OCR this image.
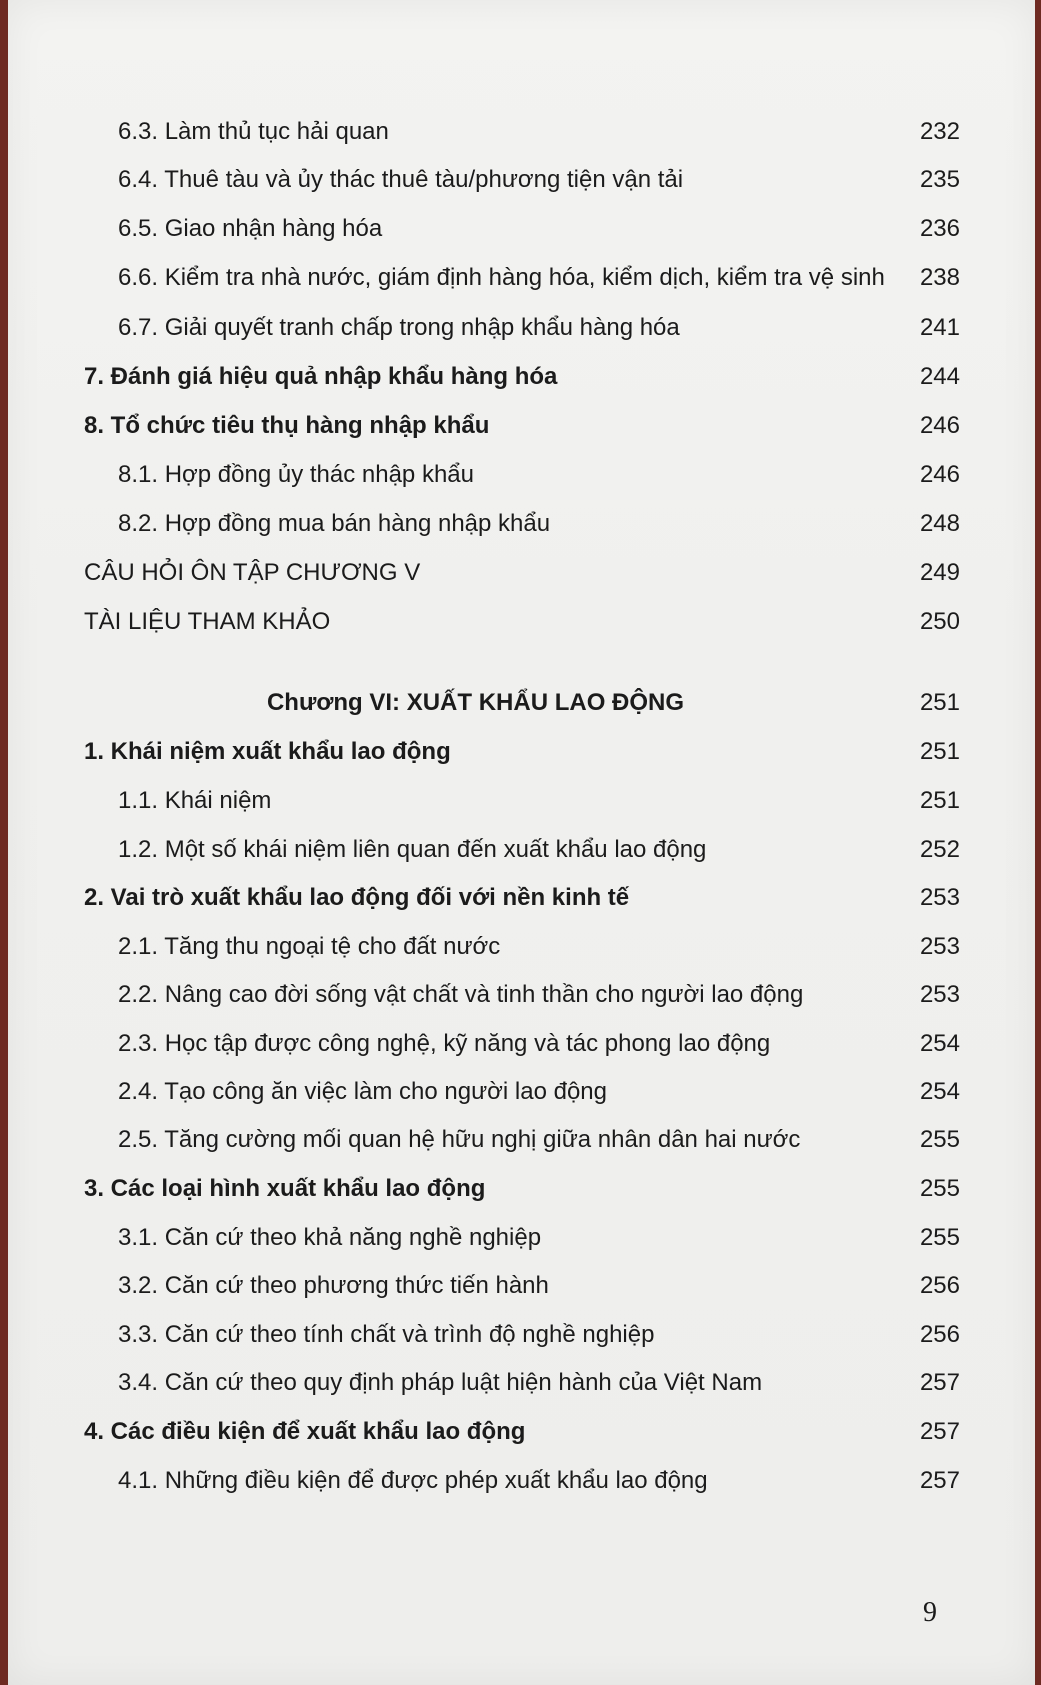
6.3. Làm thủ tục hải quan	232
6.4. Thuê tàu và ủy thác thuê tàu/phương tiện vận tải	235
6.5. Giao nhận hàng hóa	236
6.6. Kiểm tra nhà nước, giám định hàng hóa, kiểm dịch, kiểm tra vệ sinh 238
6.7. Giải quyết tranh chấp trong nhập khẩu hàng hóa	241
7. Đánh giá hiệu quả nhập khẩu hàng hóa	244
8. Tổ chức tiêu thụ hàng nhập khẩu	246
8.1. Hợp đồng ủy thác nhập khẩu	246
8.2. Hợp đồng mua bán hàng nhập khẩu	248
CÂU HỎI ÔN TẬP CHƯƠNG V	249
TÀI LIỆU THAM KHẢO	250
Chương VI: XUẤT KHẨU LAO ĐỘNG	251
1. Khái niệm xuất khẩu lao động	251
1.1. Khái niệm	251
1.2. Một số khái niệm liên quan đến xuất khẩu lao động	252
2. Vai trò xuất khẩu lao động đối với nền kinh tế	253
2.1. Tăng thu ngoại tệ cho đất nước	253
2.2. Nâng cao đời sống vật chất và tinh thần cho người lao động	253
2.3. Học tập được công nghệ, kỹ năng và tác phong lao động	254
2.4. Tạo công ăn việc làm cho người lao động	254
2.5. Tăng cường mối quan hệ hữu nghị giữa nhân dân hai nước	255
3. Các loại hình xuất khẩu lao động	255
3.1. Căn cứ theo khả năng nghề nghiệp	255
3.2. Căn cứ theo phương thức tiến hành	256
3.3. Căn cứ theo tính chất và trình độ nghề nghiệp	256
3.4. Căn cứ theo quy định pháp luật hiện hành của Việt Nam	257
4. Các điều kiện để xuất khẩu lao động	257
4.1. Những điều kiện để được phép xuất khẩu lao động	257
9
